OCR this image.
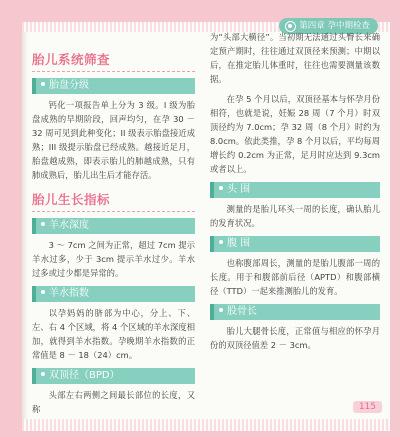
第四章 孕中期检查
胎儿系统筛查
胎盘分级

钙化一项报告单上分为 3 级。I 级为胎盘成熟的早期阶段，回声均匀，在孕 30 － 32 周可见到此种变化；II 级表示胎盘接近成熟；III 级提示胎盘已经成熟。越接近足月，胎盘越成熟，即表示胎儿的肺越成熟，只有肺成熟后，胎儿出生后才能存活。

胎儿生长指标
羊水深度

3 ～ 7cm 之间为正常，超过 7cm 提示羊水过多，少于 3cm 提示羊水过少。羊水过多或过少都是异常的。

羊水指数

以孕妈妈的脐部为中心，分上、下、左、右 4 个区域，将 4 个区域的羊水深度相加，就得到羊水指数。孕晚期羊水指数的正常值是 8 － 18（24）cm。

双顶径（BPD）

头部左右两侧之间最长部位的长度，又称

为“头部大横径”。当初期无法通过头臀长来确定预产期时，往往通过双顶径来预测；中期以后，在推定胎儿体重时，往往也需要测量该数据。

在孕 5 个月以后，双顶径基本与怀孕月份相符，也就是说，妊娠 28 周（7 个月）时双顶径约为 7.0cm；孕 32 周（8 个月）时约为 8.0cm。依此类推，孕 8 个月以后，平均每周增长约 0.2cm 为正常，足月时应达到 9.3cm 或者以上。

头 围

测量的是胎儿环头一周的长度，确认胎儿的发育状况。

腹 围

也称腹部周长，测量的是胎儿腹部一周的长度。用于和腹部前后径（APTD）和腹部横径（TTD）一起来推测胎儿的发育。

股骨长

胎儿大腿骨长度，正常值与相应的怀孕月份的双顶径值差 2 － 3cm。

115
